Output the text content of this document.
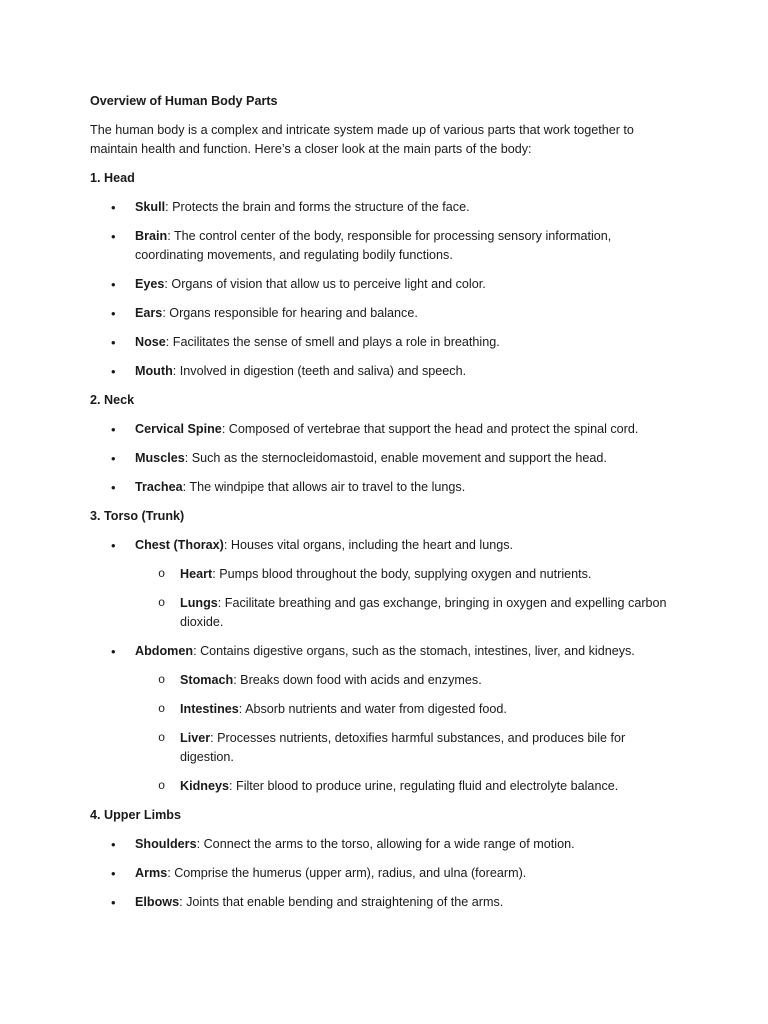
Overview of Human Body Parts
The human body is a complex and intricate system made up of various parts that work together to maintain health and function. Here’s a closer look at the main parts of the body:
1. Head
• Skull: Protects the brain and forms the structure of the face.
• Brain: The control center of the body, responsible for processing sensory information, coordinating movements, and regulating bodily functions.
• Eyes: Organs of vision that allow us to perceive light and color.
• Ears: Organs responsible for hearing and balance.
• Nose: Facilitates the sense of smell and plays a role in breathing.
• Mouth: Involved in digestion (teeth and saliva) and speech.
2. Neck
• Cervical Spine: Composed of vertebrae that support the head and protect the spinal cord.
• Muscles: Such as the sternocleidomastoid, enable movement and support the head.
• Trachea: The windpipe that allows air to travel to the lungs.
3. Torso (Trunk)
• Chest (Thorax): Houses vital organs, including the heart and lungs.
o Heart: Pumps blood throughout the body, supplying oxygen and nutrients.
o Lungs: Facilitate breathing and gas exchange, bringing in oxygen and expelling carbon dioxide.
• Abdomen: Contains digestive organs, such as the stomach, intestines, liver, and kidneys.
o Stomach: Breaks down food with acids and enzymes.
o Intestines: Absorb nutrients and water from digested food.
o Liver: Processes nutrients, detoxifies harmful substances, and produces bile for digestion.
o Kidneys: Filter blood to produce urine, regulating fluid and electrolyte balance.
4. Upper Limbs
• Shoulders: Connect the arms to the torso, allowing for a wide range of motion.
• Arms: Comprise the humerus (upper arm), radius, and ulna (forearm).
• Elbows: Joints that enable bending and straightening of the arms.
